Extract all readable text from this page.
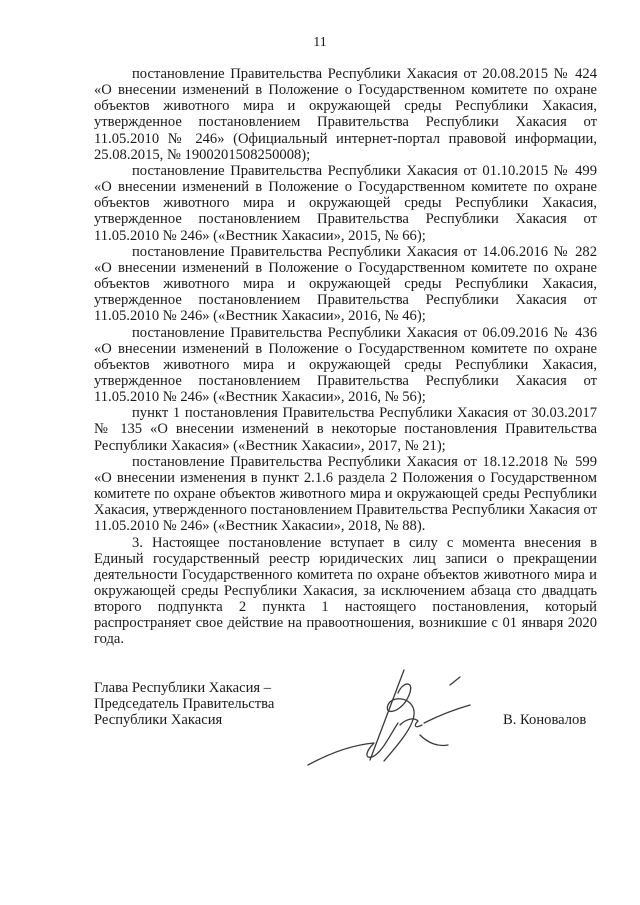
11

постановление Правительства Республики Хакасия от 20.08.2015 № 424 «О внесении изменений в Положение о Государственном комитете по охране объектов животного мира и окружающей среды Республики Хакасия, утвержденное постановлением Правительства Республики Хакасия от 11.05.2010 № 246» (Официальный интернет-портал правовой информации, 25.08.2015, № 1900201508250008);

постановление Правительства Республики Хакасия от 01.10.2015 № 499 «О внесении изменений в Положение о Государственном комитете по охране объектов животного мира и окружающей среды Республики Хакасия, утвержденное постановлением Правительства Республики Хакасия от 11.05.2010 № 246» («Вестник Хакасии», 2015, № 66);

постановление Правительства Республики Хакасия от 14.06.2016 № 282 «О внесении изменений в Положение о Государственном комитете по охране объектов животного мира и окружающей среды Республики Хакасия, утвержденное постановлением Правительства Республики Хакасия от 11.05.2010 № 246» («Вестник Хакасии», 2016, № 46);

постановление Правительства Республики Хакасия от 06.09.2016 № 436 «О внесении изменений в Положение о Государственном комитете по охране объектов животного мира и окружающей среды Республики Хакасия, утвержденное постановлением Правительства Республики Хакасия от 11.05.2010 № 246» («Вестник Хакасии», 2016, № 56);

пункт 1 постановления Правительства Республики Хакасия от 30.03.2017 № 135 «О внесении изменений в некоторые постановления Правительства Республики Хакасия» («Вестник Хакасии», 2017, № 21);

постановление Правительства Республики Хакасия от 18.12.2018 № 599 «О внесении изменения в пункт 2.1.6 раздела 2 Положения о Государственном комитете по охране объектов животного мира и окружающей среды Республики Хакасия, утвержденного постановлением Правительства Республики Хакасия от 11.05.2010 № 246» («Вестник Хакасии», 2018, № 88).

3. Настоящее постановление вступает в силу с момента внесения в Единый государственный реестр юридических лиц записи о прекращении деятельности Государственного комитета по охране объектов животного мира и окружающей среды Республики Хакасия, за исключением абзаца сто двадцать второго подпункта 2 пункта 1 настоящего постановления, который распространяет свое действие на правоотношения, возникшие с 01 января 2020 года.

Глава Республики Хакасия –
Председатель Правительства
Республики Хакасия	В. Коновалов
